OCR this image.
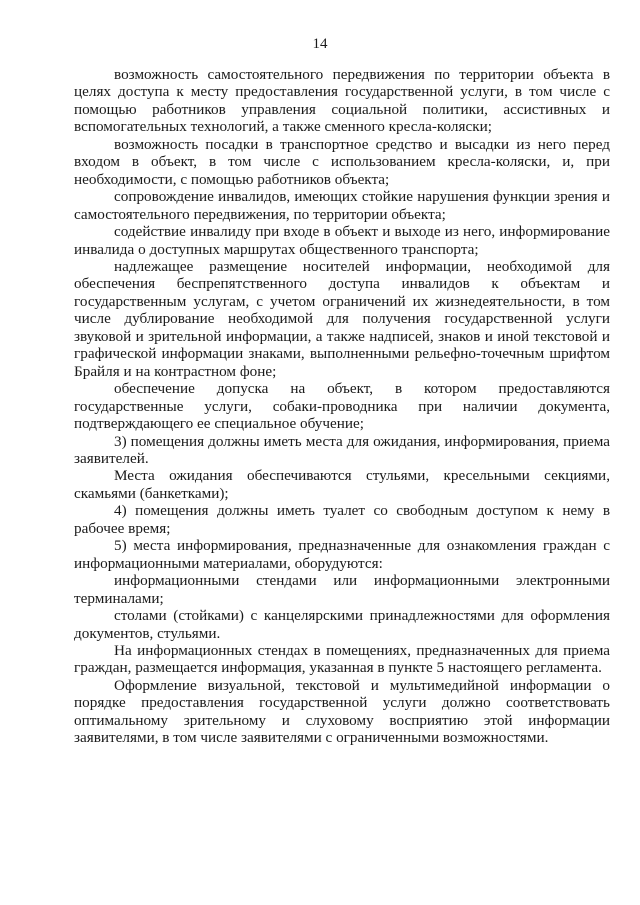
14

возможность самостоятельного передвижения по территории объекта в целях доступа к месту предоставления государственной услуги, в том числе с помощью работников управления социальной политики, ассистивных и вспомогательных технологий, а также сменного кресла-коляски;

возможность посадки в транспортное средство и высадки из него перед входом в объект, в том числе с использованием кресла-коляски, и, при необходимости, с помощью работников объекта;

сопровождение инвалидов, имеющих стойкие нарушения функции зрения и самостоятельного передвижения, по территории объекта;

содействие инвалиду при входе в объект и выходе из него, информирование инвалида о доступных маршрутах общественного транспорта;

надлежащее размещение носителей информации, необходимой для обеспечения беспрепятственного доступа инвалидов к объектам и государственным услугам, с учетом ограничений их жизнедеятельности, в том числе дублирование необходимой для получения государственной услуги звуковой и зрительной информации, а также надписей, знаков и иной текстовой и графической информации знаками, выполненными рельефно-точечным шрифтом Брайля и на контрастном фоне;

обеспечение допуска на объект, в котором предоставляются государственные услуги, собаки-проводника при наличии документа, подтверждающего ее специальное обучение;

3) помещения должны иметь места для ожидания, информирования, приема заявителей.

Места ожидания обеспечиваются стульями, кресельными секциями, скамьями (банкетками);

4) помещения должны иметь туалет со свободным доступом к нему в рабочее время;

5) места информирования, предназначенные для ознакомления граждан с информационными материалами, оборудуются:

информационными стендами или информационными электронными терминалами;

столами (стойками) с канцелярскими принадлежностями для оформления документов, стульями.

На информационных стендах в помещениях, предназначенных для приема граждан, размещается информация, указанная в пункте 5 настоящего регламента.

Оформление визуальной, текстовой и мультимедийной информации о порядке предоставления государственной услуги должно соответствовать оптимальному зрительному и слуховому восприятию этой информации заявителями, в том числе заявителями с ограниченными возможностями.
